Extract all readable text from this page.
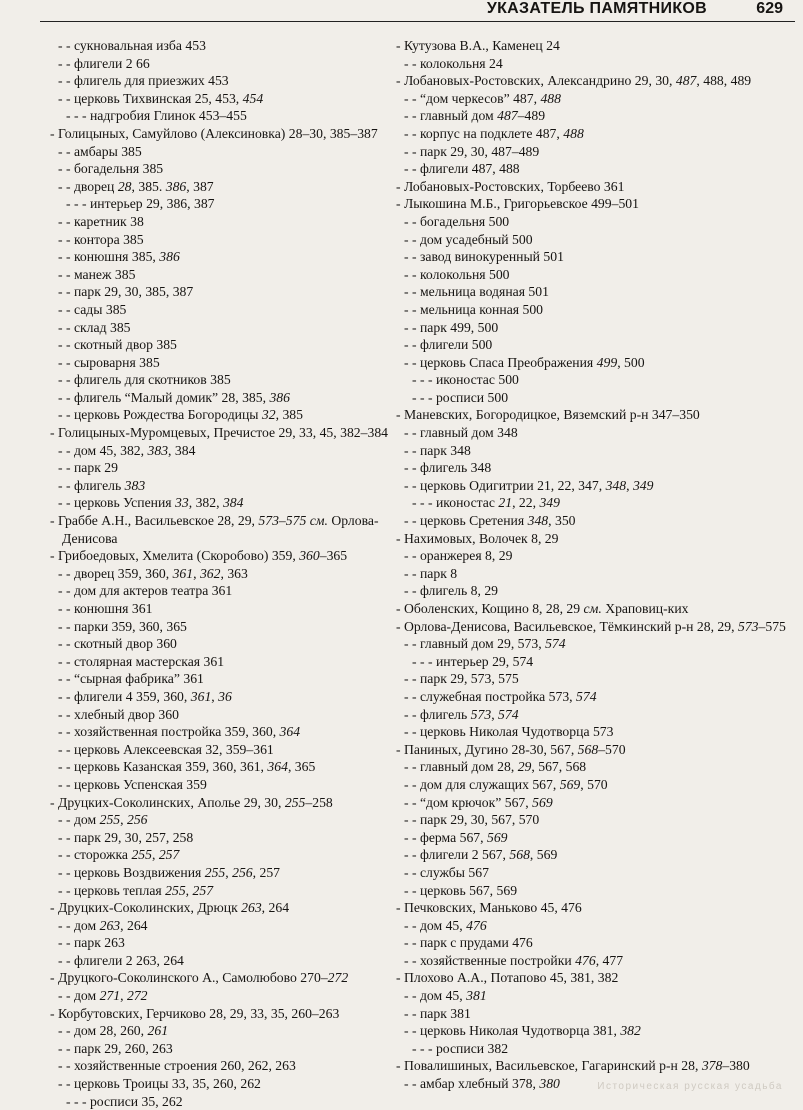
УКАЗАТЕЛЬ ПАМЯТНИКОВ	629
- - сукновальная изба 453
- - флигели 2 66
- - флигель для приезжих 453
- - церковь Тихвинская 25, 453, 454
- - - надгробия Глинок 453–455
- Голицыных, Самуйлово (Алексиновка) 28–30, 385–387
- - амбары 385
- - богадельня 385
- - дворец 28, 385. 386, 387
- - - интерьер 29, 386, 387
- - каретник 38
- - контора 385
- - конюшня 385, 386
- - манеж 385
- - парк 29, 30, 385, 387
- - сады 385
- - склад 385
- - скотный двор 385
- - сыроварня 385
- - флигель для скотников 385
- - флигель “Малый домик” 28, 385, 386
- - церковь Рождества Богородицы 32, 385
- Голицыных-Муромцевых, Пречистое 29, 33, 45, 382–384
- - дом 45, 382, 383, 384
- - парк 29
- - флигель 383
- - церковь Успения 33, 382, 384
- Граббе А.Н., Васильевское 28, 29, 573–575 см. Орлова-Денисова
- Грибоедовых, Хмелита (Скоробово) 359, 360–365
- - дворец 359, 360, 361, 362, 363
- - дом для актеров театра 361
- - конюшня 361
- - парки 359, 360, 365
- - скотный двор 360
- - столярная мастерская 361
- - “сырная фабрика” 361
- - флигели 4 359, 360, 361, 36
- - хлебный двор 360
- - хозяйственная постройка 359, 360, 364
- - церковь Алексеевская 32, 359–361
- - церковь Казанская 359, 360, 361, 364, 365
- - церковь Успенская 359
- Друцких-Соколинских, Аполье 29, 30, 255–258
- - дом 255, 256
- - парк 29, 30, 257, 258
- - сторожка 255, 257
- - церковь Воздвижения 255, 256, 257
- - церковь теплая 255, 257
- Друцких-Соколинских, Дрюцк 263, 264
- - дом 263, 264
- - парк 263
- - флигели 2 263, 264
- Друцкого-Соколинского А., Самолюбово 270–272
- - дом 271, 272
- Корбутовских, Герчиково 28, 29, 33, 35, 260–263
- - дом 28, 260, 261
- - парк 29, 260, 263
- - хозяйственные строения 260, 262, 263
- - церковь Троицы 33, 35, 260, 262
- - - росписи 35, 262
- Кутузова В.А., Каменец 24
- - колокольня 24
- Лобановых-Ростовских, Александрино 29, 30, 487, 488, 489
- - “дом черкесов” 487, 488
- - главный дом 487–489
- - корпус на подклете 487, 488
- - парк 29, 30, 487–489
- - флигели 487, 488
- Лобановых-Ростовских, Торбеево 361
- Лыкошина М.Б., Григорьевское 499–501
- - богадельня 500
- - дом усадебный 500
- - завод винокуренный 501
- - колокольня 500
- - мельница водяная 501
- - мельница конная 500
- - парк 499, 500
- - флигели 500
- - церковь Спаса Преображения 499, 500
- - - иконостас 500
- - - росписи 500
- Маневских, Богородицкое, Вяземский р-н 347–350
- - главный дом 348
- - парк 348
- - флигель 348
- - церковь Одигитрии 21, 22, 347, 348, 349
- - - иконостас 21, 22, 349
- - церковь Сретения 348, 350
- Нахимовых, Волочек 8, 29
- - оранжерея 8, 29
- - парк 8
- - флигель 8, 29
- Оболенских, Кощино 8, 28, 29 см. Храповиц-ких
- Орлова-Денисова, Васильевское, Тёмкинский р-н 28, 29, 573–575
- - главный дом 29, 573, 574
- - - интерьер 29, 574
- - парк 29, 573, 575
- - служебная постройка 573, 574
- - флигель 573, 574
- - церковь Николая Чудотворца 573
- Паниных, Дугино 28-30, 567, 568–570
- - главный дом 28, 29, 567, 568
- - дом для служащих 567, 569, 570
- - “дом крючок” 567, 569
- - парк 29, 30, 567, 570
- - ферма 567, 569
- - флигели 2 567, 568, 569
- - службы 567
- - церковь 567, 569
- Печковских, Маньково 45, 476
- - дом 45, 476
- - парк с прудами 476
- - хозяйственные постройки 476, 477
- Плохово А.А., Потапово 45, 381, 382
- - дом 45, 381
- - парк 381
- - церковь Николая Чудотворца 381, 382
- - - росписи 382
- Повалишиных, Васильевское, Гагаринский р-н 28, 378–380
- - амбар хлебный 378, 380	Историческая русская усадьба
